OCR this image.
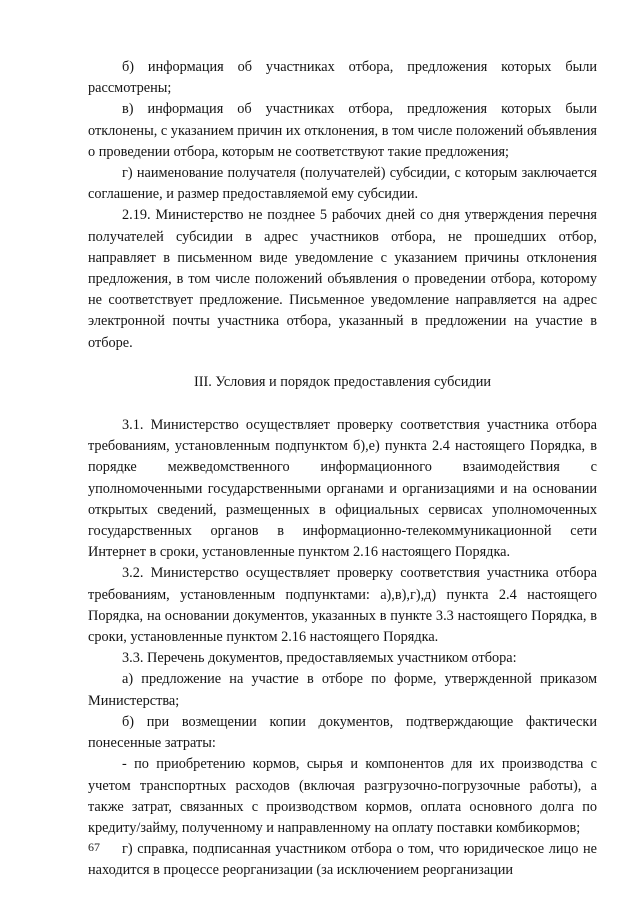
б) информация об участниках отбора, предложения которых были рассмотрены;

в) информация об участниках отбора, предложения которых были отклонены, с указанием причин их отклонения, в том числе положений объявления о проведении отбора, которым не соответствуют такие предложения;

г) наименование получателя (получателей) субсидии, с которым заключается соглашение, и размер предоставляемой ему субсидии.

2.19. Министерство не позднее 5 рабочих дней со дня утверждения перечня получателей субсидии в адрес участников отбора, не прошедших отбор, направляет в письменном виде уведомление с указанием причины отклонения предложения, в том числе положений объявления о проведении отбора, которому не соответствует предложение. Письменное уведомление направляется на адрес электронной почты участника отбора, указанный в предложении на участие в отборе.

III. Условия и порядок предоставления субсидии

3.1. Министерство осуществляет проверку соответствия участника отбора требованиям, установленным подпунктом б),е) пункта 2.4 настоящего Порядка, в порядке межведомственного информационного взаимодействия с уполномоченными государственными органами и организациями и на основании открытых сведений, размещенных в официальных сервисах уполномоченных государственных органов в информационно-телекоммуникационной сети Интернет в сроки, установленные пунктом 2.16 настоящего Порядка.

3.2. Министерство осуществляет проверку соответствия участника отбора требованиям, установленным подпунктами: а),в),г),д) пункта 2.4 настоящего Порядка, на основании документов, указанных в пункте 3.3 настоящего Порядка, в сроки, установленные пунктом 2.16 настоящего Порядка.

3.3. Перечень документов, предоставляемых участником отбора:

а) предложение на участие в отборе по форме, утвержденной приказом Министерства;

б) при возмещении копии документов, подтверждающие фактически понесенные затраты:

- по приобретению кормов, сырья и компонентов для их производства с учетом транспортных расходов (включая разгрузочно-погрузочные работы), а также затрат, связанных с производством кормов, оплата основного долга по кредиту/займу, полученному и направленному на оплату поставки комбикормов;

г) справка, подписанная участником отбора о том, что юридическое лицо не находится в процессе реорганизации (за исключением реорганизации

67
